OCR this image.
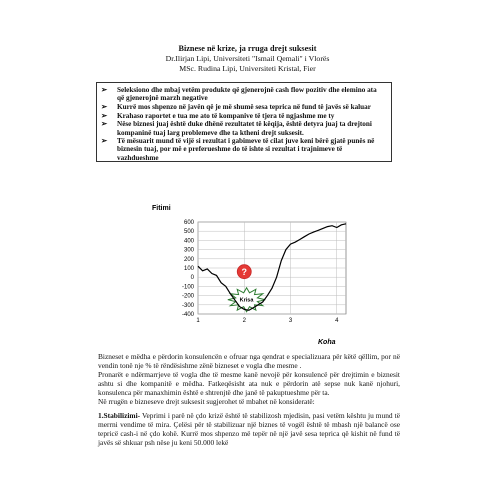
Biznese në krize, ja rruga drejt suksesit
Dr.Ilirjan Lipi, Universiteti "Ismail Qemali" i Vlorës
MSc. Rudina Lipi, Universiteti Kristal, Fier
➢ Seleksiono dhe mbaj vetëm produkte që gjenerojnë cash flow pozitiv dhe elemino ata që gjenerojnë marzh negative
➢ Kurrë mos shpenzo në javën që je më shumë sesa teprica në fund të javës së kaluar
➢ Krahaso raportet e tua me ato të kompanive të tjera të ngjashme me ty
➢ Nëse biznesi juaj është duke dhënë rezultatet të këqija, është detyra juaj ta drejtoni kompaninë tuaj larg problemeve dhe ta ktheni drejt suksesit.
➢ Të mësuarit mund të vijë si rezultat i gabimeve të cilat juve keni bërë gjatë punës në biznesin tuaj, por më e preferueshme do të ishte si rezultat i trajnimeve të vazhdueshme
Fitimi
Koha
600
500
400
300
200
100
0
-100
-200
-300
-400
1	2	3	4
Krisa
?

Bizneset e mëdha e përdorin konsulencën e ofruar nga qendrat e specializuara për këtë qëllim, por në vendin tonë nje % të rëndësishme zënë bizneset e vogla dhe mesme .

Pronarët e ndërmarrjeve të vogla dhe të mesme kanë nevojë për konsulencë për drejtimin e biznesit ashtu si dhe kompanitë e mëdha. Fatkeqësisht ata nuk e përdorin atë sepse nuk kanë njohuri, konsulenca për manaxhimin është e shtrenjtë dhe janë të pakuptueshme për ta.

Në rrugën e bizneseve drejt suksesit sugjerohet të mbahet në konsideratë:

1.Stabilizimi- Veprimi i parë në çdo krizë është të stabilizosh mjedisin, pasi vetëm kështu ju mund të merrni vendime të mira. Çelësi për të stabilizuar një biznes të vogël është të mbash një balancë ose tepricë cash-i në çdo kohë. Kurrë mos shpenzo më tepër në një javë sesa teprica që kishit në fund të javës së shkuar psh nëse ju keni 50.000 lekë
